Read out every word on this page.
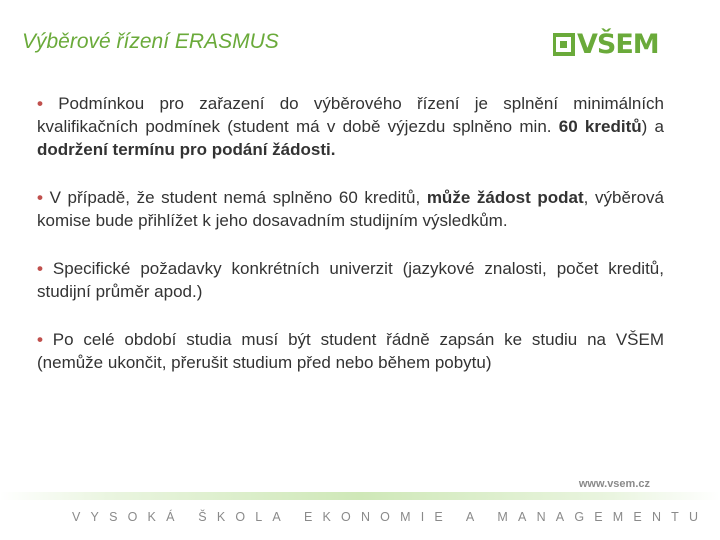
Výběrové řízení ERASMUS	VŠEM

• Podmínkou pro zařazení do výběrového řízení je splnění minimálních kvalifikačních podmínek (student má v době výjezdu splněno min. 60 kreditů) a dodržení termínu pro podání žádosti.

• V případě, že student nemá splněno 60 kreditů, může žádost podat, výběrová komise bude přihlížet k jeho dosavadním studijním výsledkům.

• Specifické požadavky konkrétních univerzit (jazykové znalosti, počet kreditů, studijní průměr apod.)

• Po celé období studia musí být student řádně zapsán ke studiu na VŠEM (nemůže ukončit, přerušit studium před nebo během pobytu)

www.vsem.cz
VYSOKÁ ŠKOLA EKONOMIE A MANAGEMENTU
